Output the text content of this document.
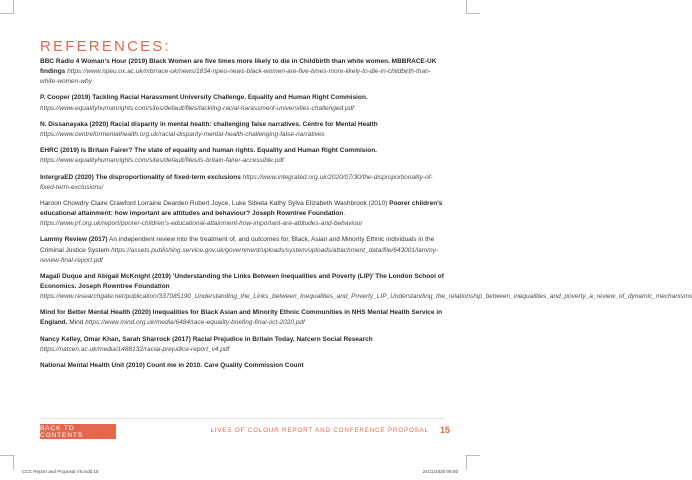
REFERENCES:

BBC Radio 4 Woman’s Hour (2019) Black Women are five times more likely to die in Childbirth than white women. MBBRACE-UK findings https://www.npeu.ox.ac.uk/mbrrace-uk/news/1834-npeu-news-black-women-are-five-times-more-likely-to-die-in-childbirth-than-white-women-why

P. Cooper (2019) Tackling Racial Harassment University Challenge. Equality and Human Right Commision. https://www.equalityhumanrights.com/sites/default/files/tackling-racial-harassment-universities-challenged.pdf

N. Dissanayaka (2020) Racial disparity in mental health: challenging false narratives. Centre for Mental Health https://www.centreformentalhealth.org.uk/racial-disparity-mental-health-challenging-false-narratives

EHRC (2019) Is Britain Fairer? The state of equality and human rights. Equality and Human Right Commision. https://www.equalityhumanrights.com/sites/default/files/is-britain-fairer-accessible.pdf

IntergraED (2020) The disproportionality of fixed-term exclusions https://www.integrated.org.uk/2020/07/30/the-disproportionality-of-fixed-term-exclusions/

Haroon Chowdry Claire Crawford Lorraine Dearden Robert Joyce, Luke Sibieta Kathy Sylva Elizabeth Washbrook (2010) Poorer children’s educational attainment: how important are attitudes and behaviour? Joseph Rowntree Foundation. https://www.jrf.org.uk/report/poorer-children’s-educational-attainment-how-important-are-attitudes-and-behaviour

Lammy Review (2017) An independent review into the treatment of, and outcomes for, Black, Asian and Minority Ethnic individuals in the Criminal Justice System https://assets.publishing.service.gov.uk/government/uploads/system/uploads/attachment_data/file/643001/lammy-review-final-report.pdf

Magali Duque and Abigail McKnight (2019) ‘Understanding the Links Between Inequalities and Poverty (LIP)’ The London School of Economics. Joseph Rowntree Foundation https://www.researchgate.net/publication/337085190_Understanding_the_Links_between_Inequalities_and_Poverty_LIP_Understanding_the_relationship_between_inequalities_and_poverty_a_review_of_dynamic_mechanisms

Mind for Better Mental Health (2020) Inequalities for Black Asian and Minority Ethnic Communities in NHS Mental Health Service in England. Mind https://www.mind.org.uk/media/6484/race-equality-briefing-final-oct-2020.pdf

Nancy Kelley, Omar Khan, Sarah Sharrock (2017) Racial Prejudice in Britain Today. Natcern Social Research https://natcen.ac.uk/media/1488132/racial-prejudice-report_v4.pdf

National Mental Health Unit (2010) Count me in 2010. Care Quality Commission Count

BACK TO CONTENTS
LIVES OF COLOUR REPORT AND CONFERENCE PROPOSAL 15
CCC Report and Proposal V5.indd 15	24/11/2020 09:50
